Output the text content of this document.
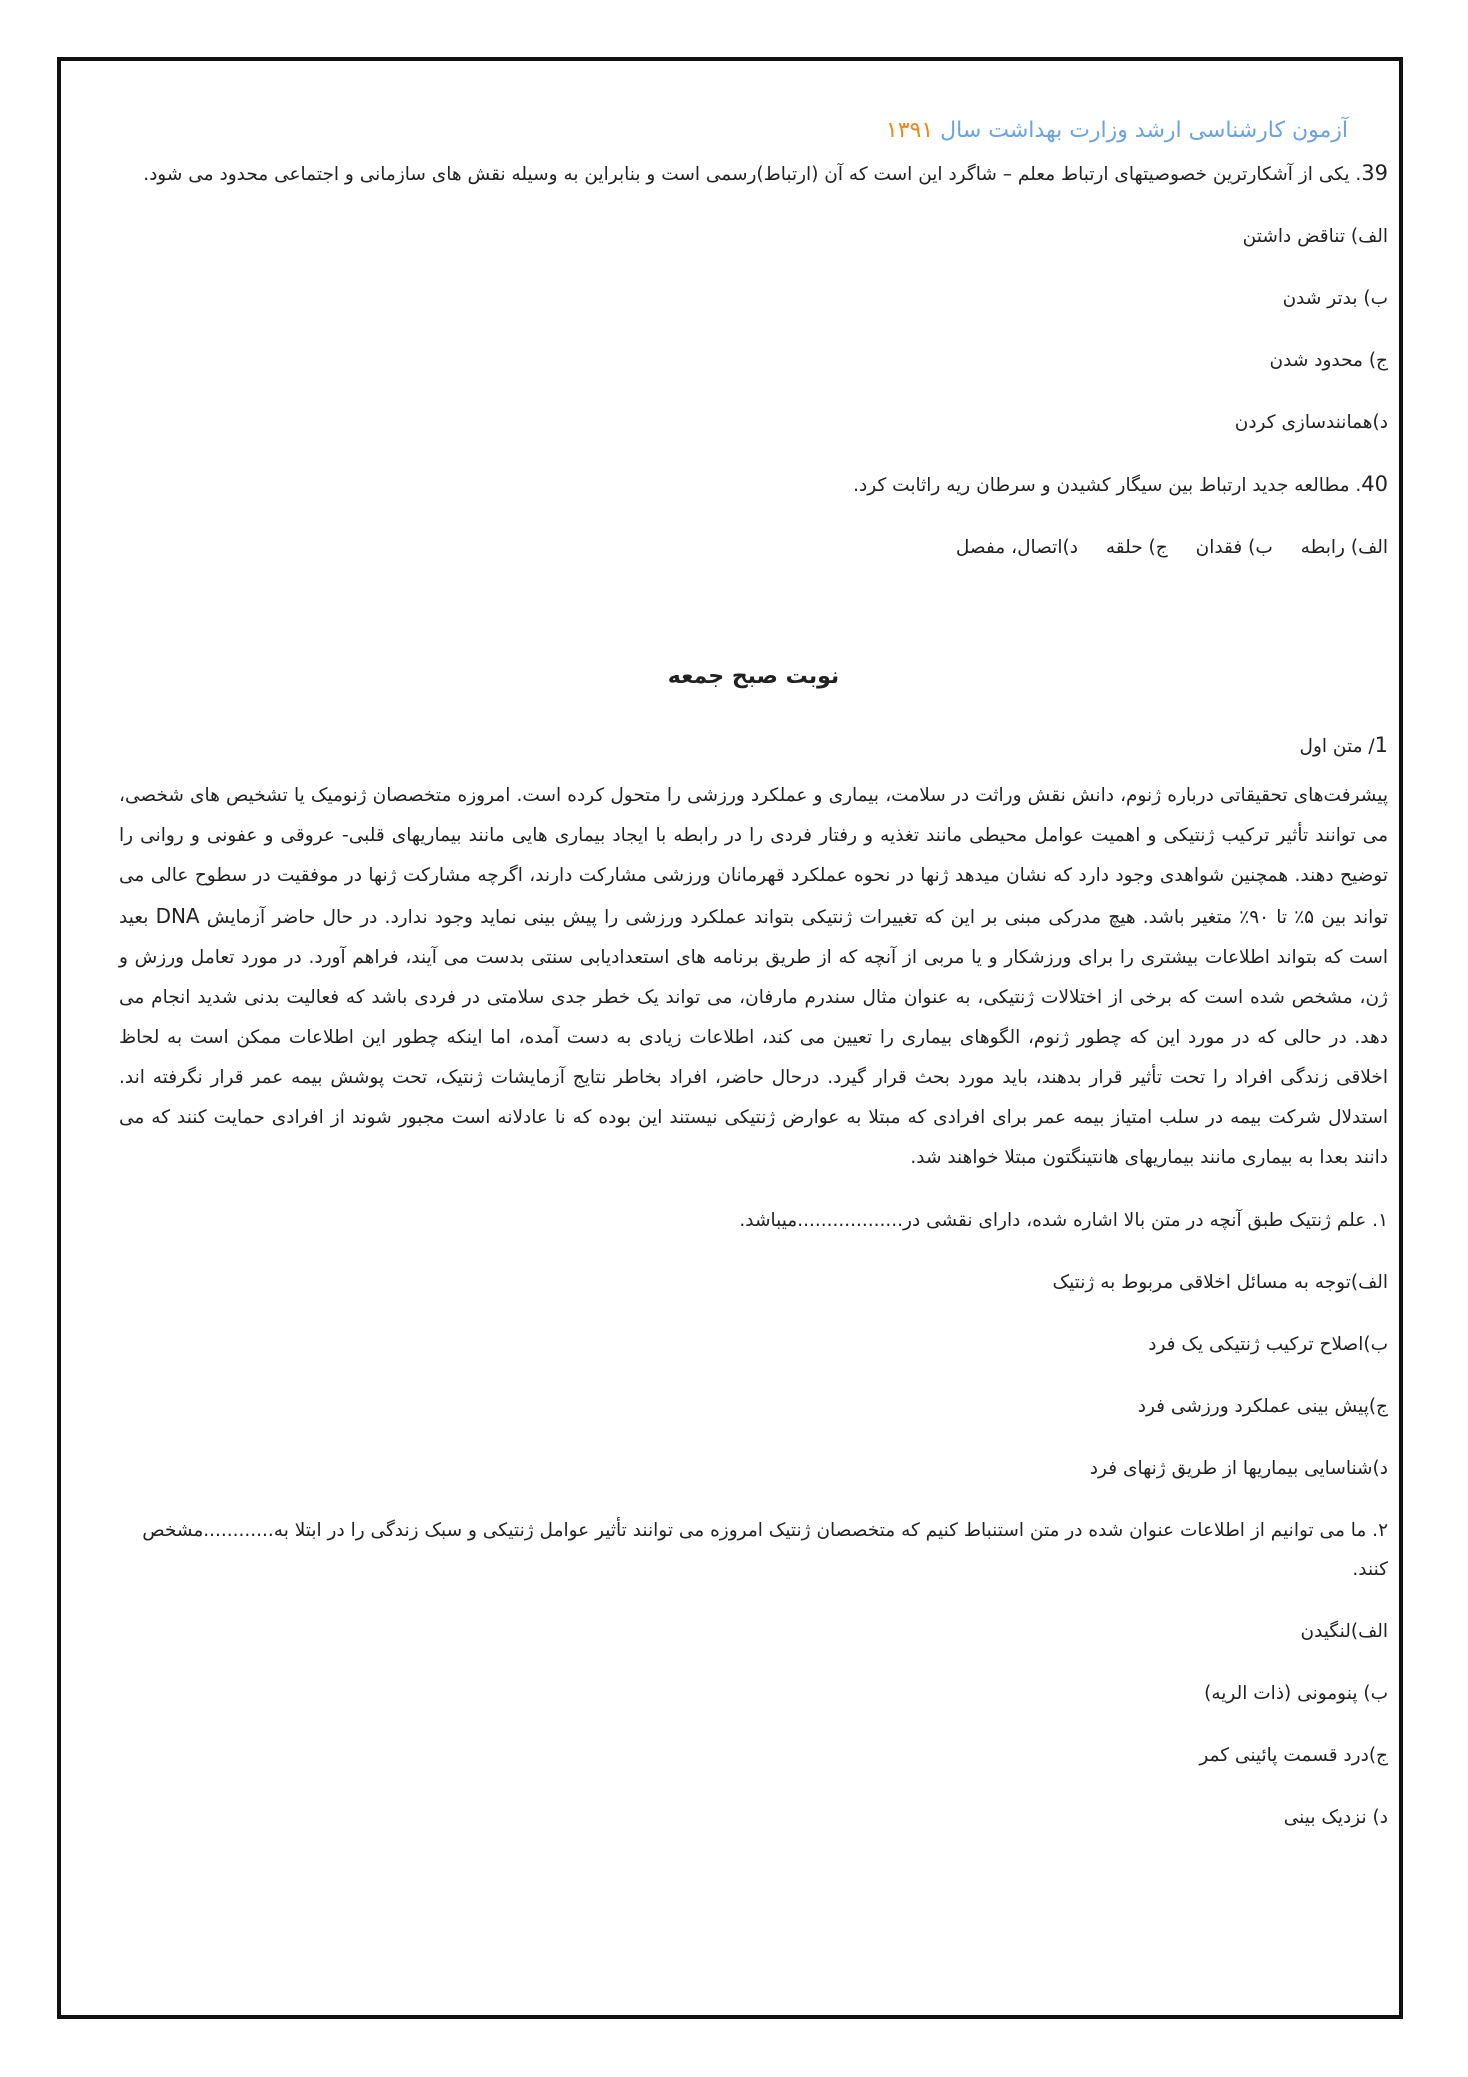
آزمون کارشناسی ارشد وزارت بهداشت سال ۱۳۹۱

39. یکی از آشکارترین خصوصیتهای ارتباط معلم – شاگرد این است که آن (ارتباط)رسمی است و بنابراین به وسیله نقش های سازمانی و اجتماعی محدود می شود.

الف) تناقض داشتن

ب) بدتر شدن

ج) محدود شدن

د)همانندسازی کردن

40. مطالعه جدید ارتباط بین سیگار کشیدن و سرطان ریه راثابت کرد.

الف) رابطه ب) فقدان ج) حلقه د)اتصال، مفصل

نوبت صبح جمعه

1/ متن اول

پیشرفت‌های تحقیقاتی درباره ژنوم، دانش نقش وراثت در سلامت، بیماری و عملکرد ورزشی را متحول کرده است. امروزه متخصصان ژنومیک یا تشخیص های شخصی، می توانند تأثیر ترکیب ژنتیکی و اهمیت عوامل محیطی مانند تغذیه و رفتار فردی را در رابطه با ایجاد بیماری هایی مانند بیماریهای قلبی- عروقی و عفونی و روانی را توضیح دهند. همچنین شواهدی وجود دارد که نشان میدهد ژنها در نحوه عملکرد قهرمانان ورزشی مشارکت دارند، اگرچه مشارکت ژنها در موفقیت در سطوح عالی می تواند بین ۵٪ تا ۹۰٪ متغیر باشد. هیچ مدرکی مبنی بر این که تغییرات ژنتیکی بتواند عملکرد ورزشی را پیش بینی نماید وجود ندارد. در حال حاضر آزمایش DNA بعید است که بتواند اطلاعات بیشتری را برای ورزشکار و یا مربی از آنچه که از طریق برنامه های استعدادیابی سنتی بدست می آیند، فراهم آورد. در مورد تعامل ورزش و ژن، مشخص شده است که برخی از اختلالات ژنتیکی، به عنوان مثال سندرم مارفان، می تواند یک خطر جدی سلامتی در فردی باشد که فعالیت بدنی شدید انجام می دهد. در حالی که در مورد این که چطور ژنوم، الگوهای بیماری را تعیین می کند، اطلاعات زیادی به دست آمده، اما اینکه چطور این اطلاعات ممکن است به لحاظ اخلاقی زندگی افراد را تحت تأثیر قرار بدهند، باید مورد بحث قرار گیرد. درحال حاضر، افراد بخاطر نتایج آزمایشات ژنتیک، تحت پوشش بیمه عمر قرار نگرفته اند. استدلال شرکت بیمه در سلب امتیاز بیمه عمر برای افرادی که مبتلا به عوارض ژنتیکی نیستند این بوده که نا عادلانه است مجبور شوند از افرادی حمایت کنند که می دانند بعدا به بیماری مانند بیماریهای هانتینگتون مبتلا خواهند شد.

۱. علم ژنتیک طبق آنچه در متن بالا اشاره شده، دارای نقشی در..................میباشد.

الف)توجه به مسائل اخلاقی مربوط به ژنتیک

ب)اصلاح ترکیب ژنتیکی یک فرد

ج)پیش بینی عملکرد ورزشی فرد

د)شناسایی بیماریها از طریق ژنهای فرد

۲. ما می توانیم از اطلاعات عنوان شده در متن استنباط کنیم که متخصصان ژنتیک امروزه می توانند تأثیر عوامل ژنتیکی و سبک زندگی را در ابتلا به............مشخص کنند.

الف)لنگیدن

ب) پنومونی (ذات الریه)

ج)درد قسمت پائینی کمر

د) نزدیک بینی
